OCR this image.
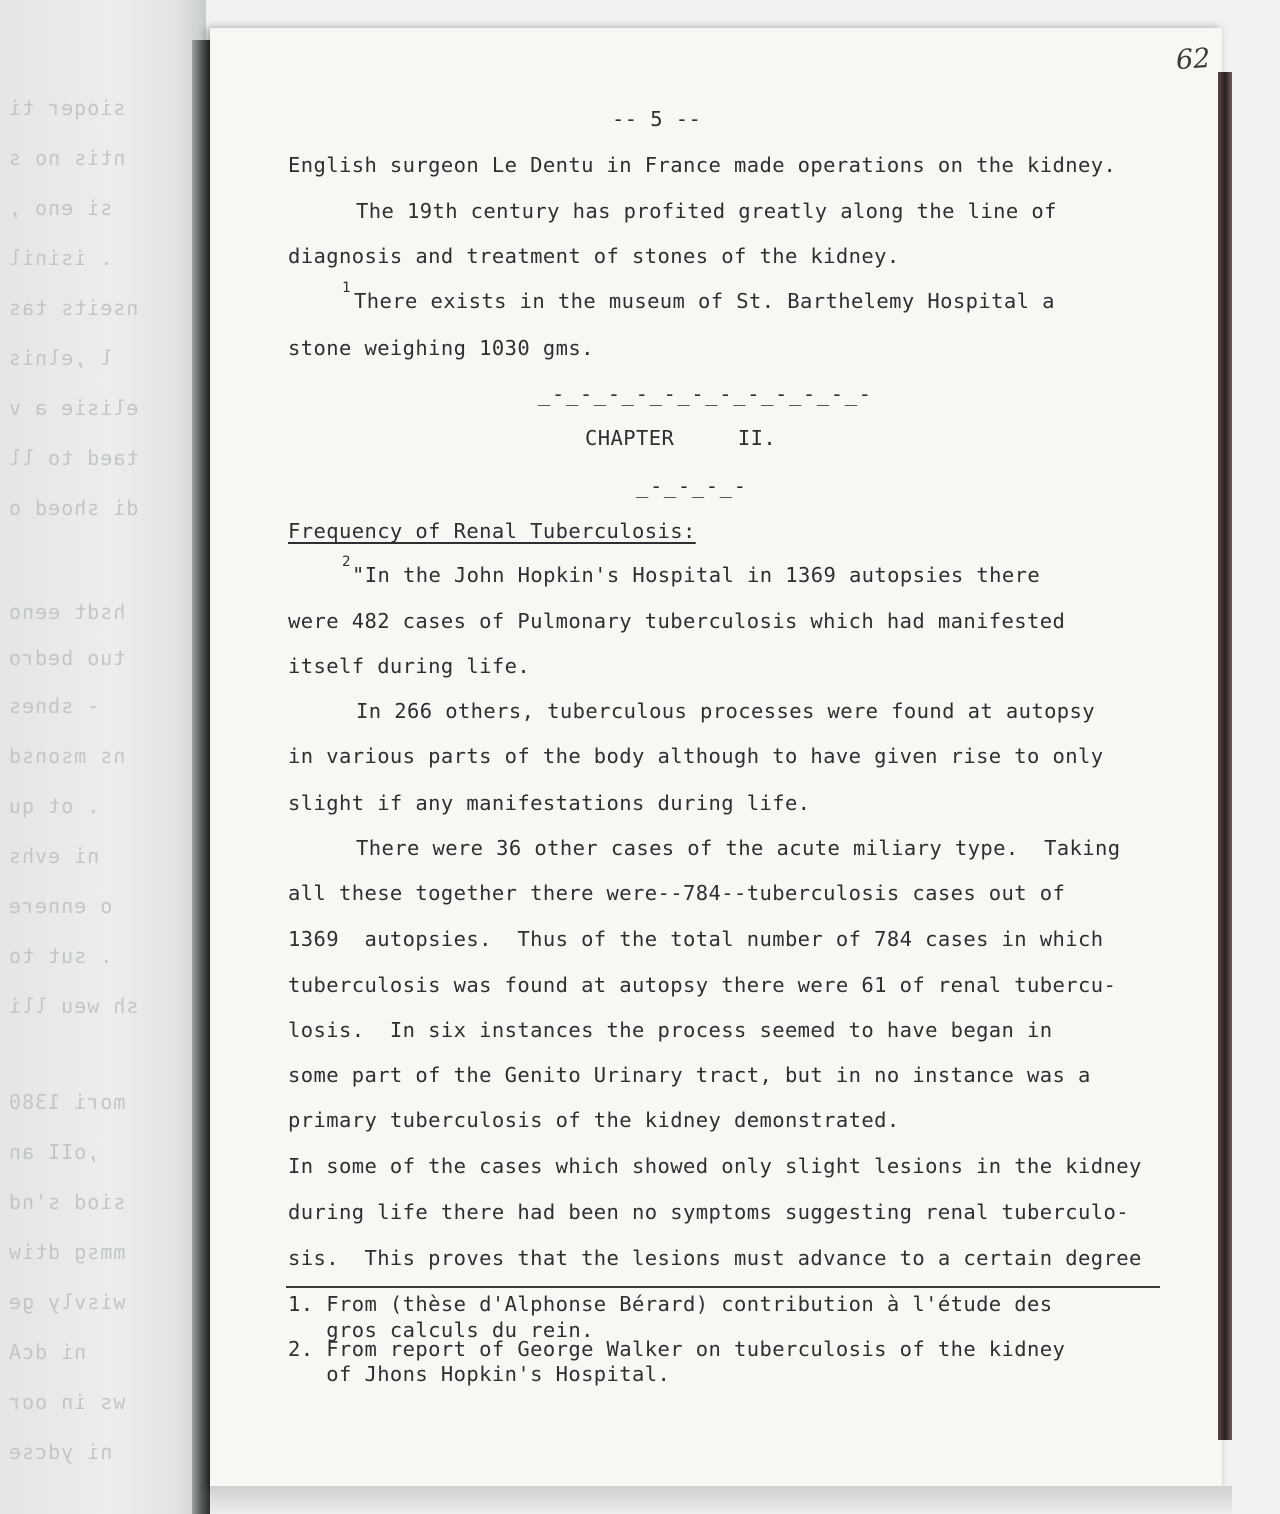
sioqer ti
ntis no s
si eno ,
. isinil
nseits tas
l ,elnis
elisie a v
taed to ll
di shoed o
hsdt eeno
tuo bedro
- sbnes
ns msonsd
. ot qu
ni evhs
o ennere
. sut to
sh weu lli
mori 1380
,oII an
siod s'nd
mmsg dtiw
wisvly ge
ni dcA
ws in oor
ni ydcse
62
-- 5 --
English surgeon Le Dentu in France made operations on the kidney.
The 19th century has profited greatly along the line of
diagnosis and treatment of stones of the kidney.
1
There exists in the museum of St. Barthelemy Hospital a
stone weighing 1030 gms.
_-_-_-_-_-_-_-_-_-_-_-_-
CHAPTER     II.
_-_-_-_-
Frequency of Renal Tuberculosis:
2
"In the John Hopkin's Hospital in 1369 autopsies there
were 482 cases of Pulmonary tuberculosis which had manifested
itself during life.
In 266 others, tuberculous processes were found at autopsy
in various parts of the body although to have given rise to only
slight if any manifestations during life.
There were 36 other cases of the acute miliary type.  Taking
all these together there were--784--tuberculosis cases out of
1369  autopsies.  Thus of the total number of 784 cases in which
tuberculosis was found at autopsy there were 61 of renal tubercu-
losis.  In six instances the process seemed to have began in
some part of the Genito Urinary tract, but in no instance was a
primary tuberculosis of the kidney demonstrated.
In some of the cases which showed only slight lesions in the kidney
during life there had been no symptoms suggesting renal tuberculo-
sis.  This proves that the lesions must advance to a certain degree
1. From (thèse d'Alphonse Bérard) contribution à l'étude des
gros calculs du rein.
2. From report of George Walker on tuberculosis of the kidney
of Jhons Hopkin's Hospital.
